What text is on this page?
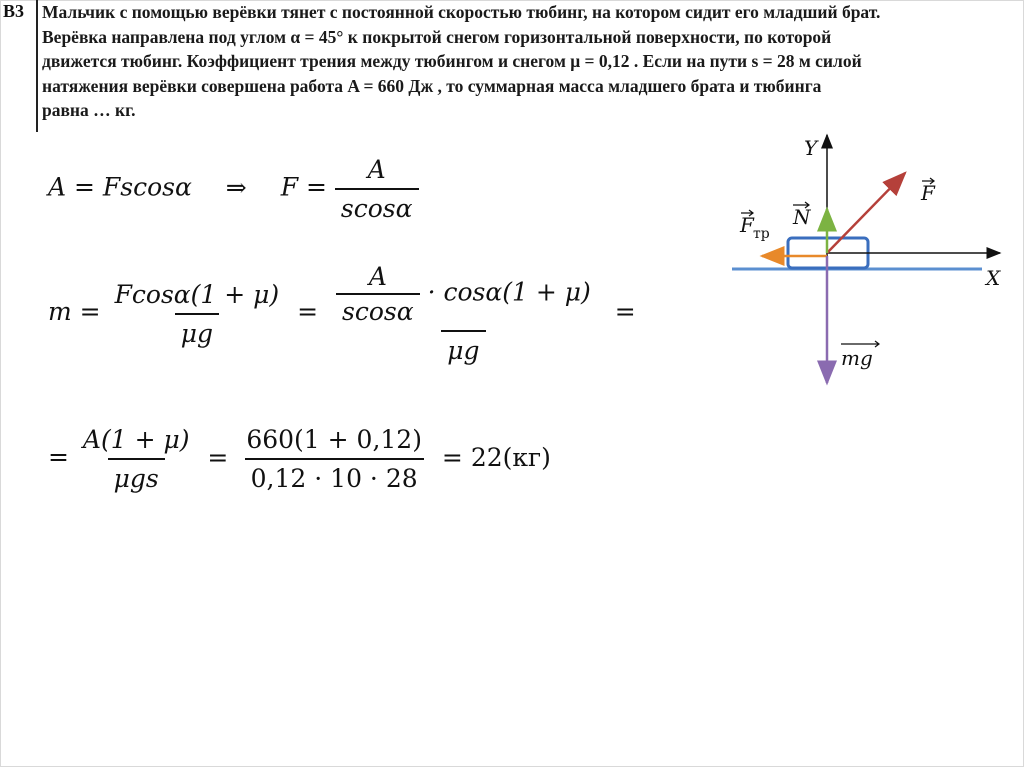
В3 Мальчик с помощью верёвки тянет с постоянной скоростью тюбинг, на котором сидит его младший брат.
Верёвка направлена под углом α = 45° к покрытой снегом горизонтальной поверхности, по которой
движется тюбинг. Коэффициент трения между тюбингом и снегом μ = 0,12 . Если на пути s = 28 м силой
натяжения верёвки совершена работа A = 660 Дж , то суммарная масса младшего брата и тюбинга
равна … кг.
A = Fscosα ⇒ $F = \frac{A}{scos\alpha}$
$m = \frac{Fcos\alpha(1 + \mu)}{\mu g} = \frac{\frac{A}{scos\alpha} \cdot \cos\alpha(1 + \mu)}{\mu g}$ =
= $\frac{A(1 + \mu)}{\text{μgs}} = \frac{660(1 + 0,12)}{0,12 \cdot 10 \cdot 28} = 22(кг)$
Y
X
F
N
F тр
mg
